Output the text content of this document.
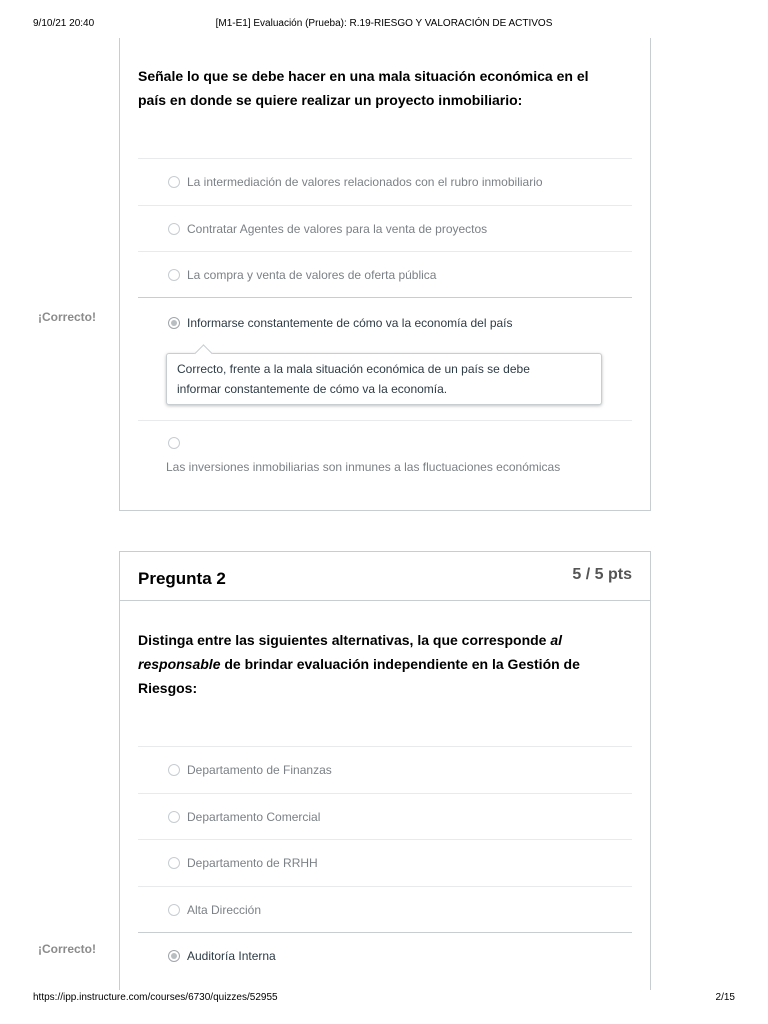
9/10/21 20:40	[M1-E1] Evaluación (Prueba): R.19-RIESGO Y VALORACIÓN DE ACTIVOS
Señale lo que se debe hacer en una mala situación económica en el
país en donde se quiere realizar un proyecto inmobiliario:
La intermediación de valores relacionados con el rubro inmobiliario
Contratar Agentes de valores para la venta de proyectos
La compra y venta de valores de oferta pública
Informarse constantemente de cómo va la economía del país
Las inversiones inmobiliarias son inmunes a las fluctuaciones económicas
¡Correcto!
Correcto, frente a la mala situación económica de un país se debe
informar constantemente de cómo va la economía.
Pregunta 2	5 / 5 pts
Distinga entre las siguientes alternativas, la que corresponde al
responsable de brindar evaluación independiente en la Gestión de
Riesgos:
Departamento de Finanzas
Departamento Comercial
Departamento de RRHH
Alta Dirección
Auditoría Interna
¡Correcto!
https://ipp.instructure.com/courses/6730/quizzes/52955	2/15
